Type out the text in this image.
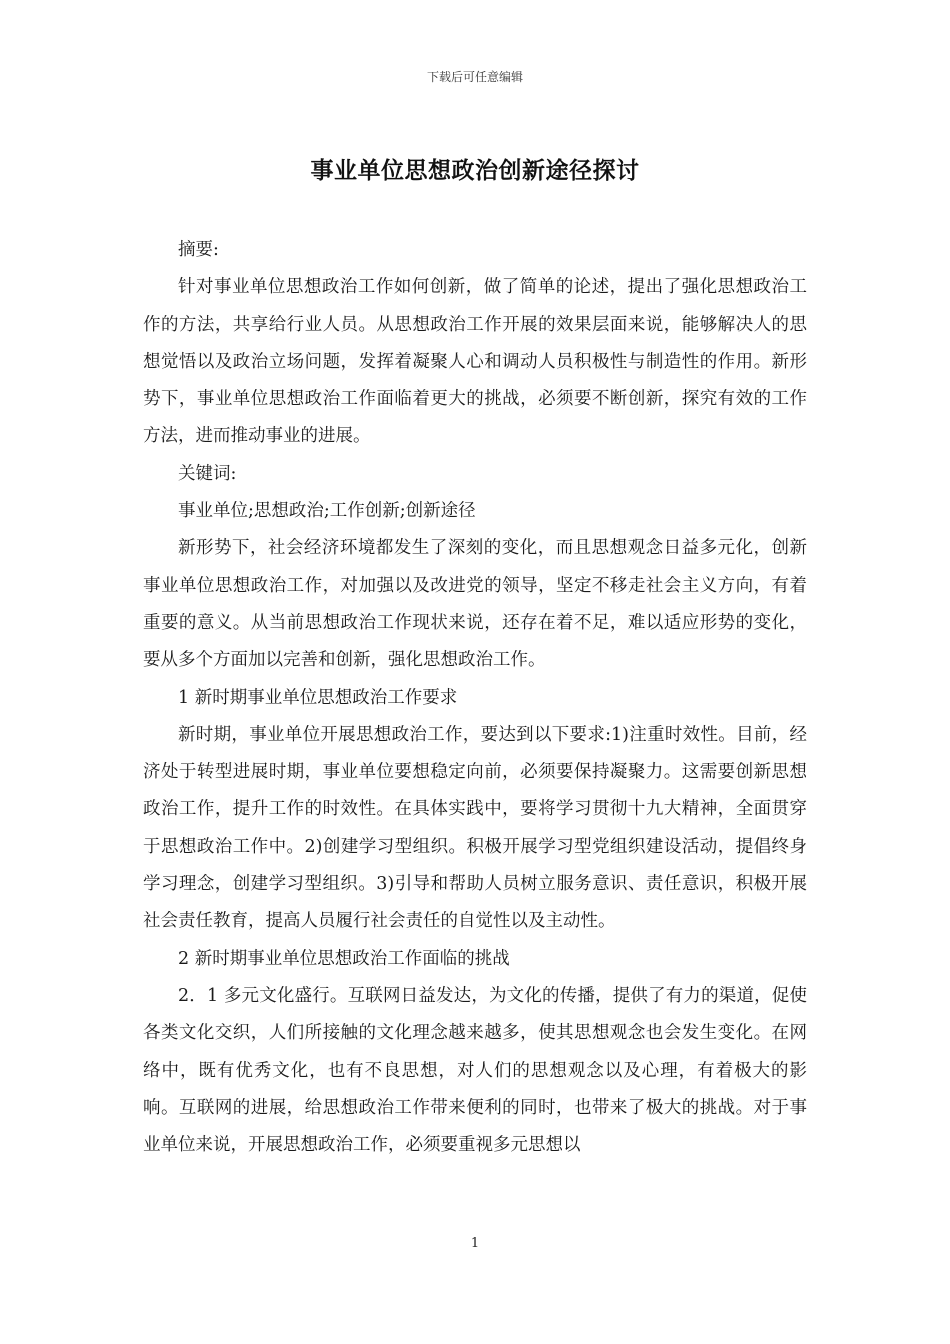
下载后可任意编辑
事业单位思想政治创新途径探讨

摘要:

针对事业单位思想政治工作如何创新，做了简单的论述，提出了强化思想政治工作的方法，共享给行业人员。从思想政治工作开展的效果层面来说，能够解决人的思想觉悟以及政治立场问题，发挥着凝聚人心和调动人员积极性与制造性的作用。新形势下，事业单位思想政治工作面临着更大的挑战，必须要不断创新，探究有效的工作方法，进而推动事业的进展。

关键词:

事业单位;思想政治;工作创新;创新途径

新形势下，社会经济环境都发生了深刻的变化，而且思想观念日益多元化，创新事业单位思想政治工作，对加强以及改进党的领导，坚定不移走社会主义方向，有着重要的意义。从当前思想政治工作现状来说，还存在着不足，难以适应形势的变化，要从多个方面加以完善和创新，强化思想政治工作。

1 新时期事业单位思想政治工作要求

新时期，事业单位开展思想政治工作，要达到以下要求:1)注重时效性。目前，经济处于转型进展时期，事业单位要想稳定向前，必须要保持凝聚力。这需要创新思想政治工作，提升工作的时效性。在具体实践中，要将学习贯彻十九大精神，全面贯穿于思想政治工作中。2)创建学习型组织。积极开展学习型党组织建设活动，提倡终身学习理念，创建学习型组织。3)引导和帮助人员树立服务意识、责任意识，积极开展社会责任教育，提高人员履行社会责任的自觉性以及主动性。

2 新时期事业单位思想政治工作面临的挑战

2．1 多元文化盛行。互联网日益发达，为文化的传播，提供了有力的渠道，促使各类文化交织，人们所接触的文化理念越来越多，使其思想观念也会发生变化。在网络中，既有优秀文化，也有不良思想，对人们的思想观念以及心理，有着极大的影响。互联网的进展，给思想政治工作带来便利的同时，也带来了极大的挑战。对于事业单位来说，开展思想政治工作，必须要重视多元思想以

1
